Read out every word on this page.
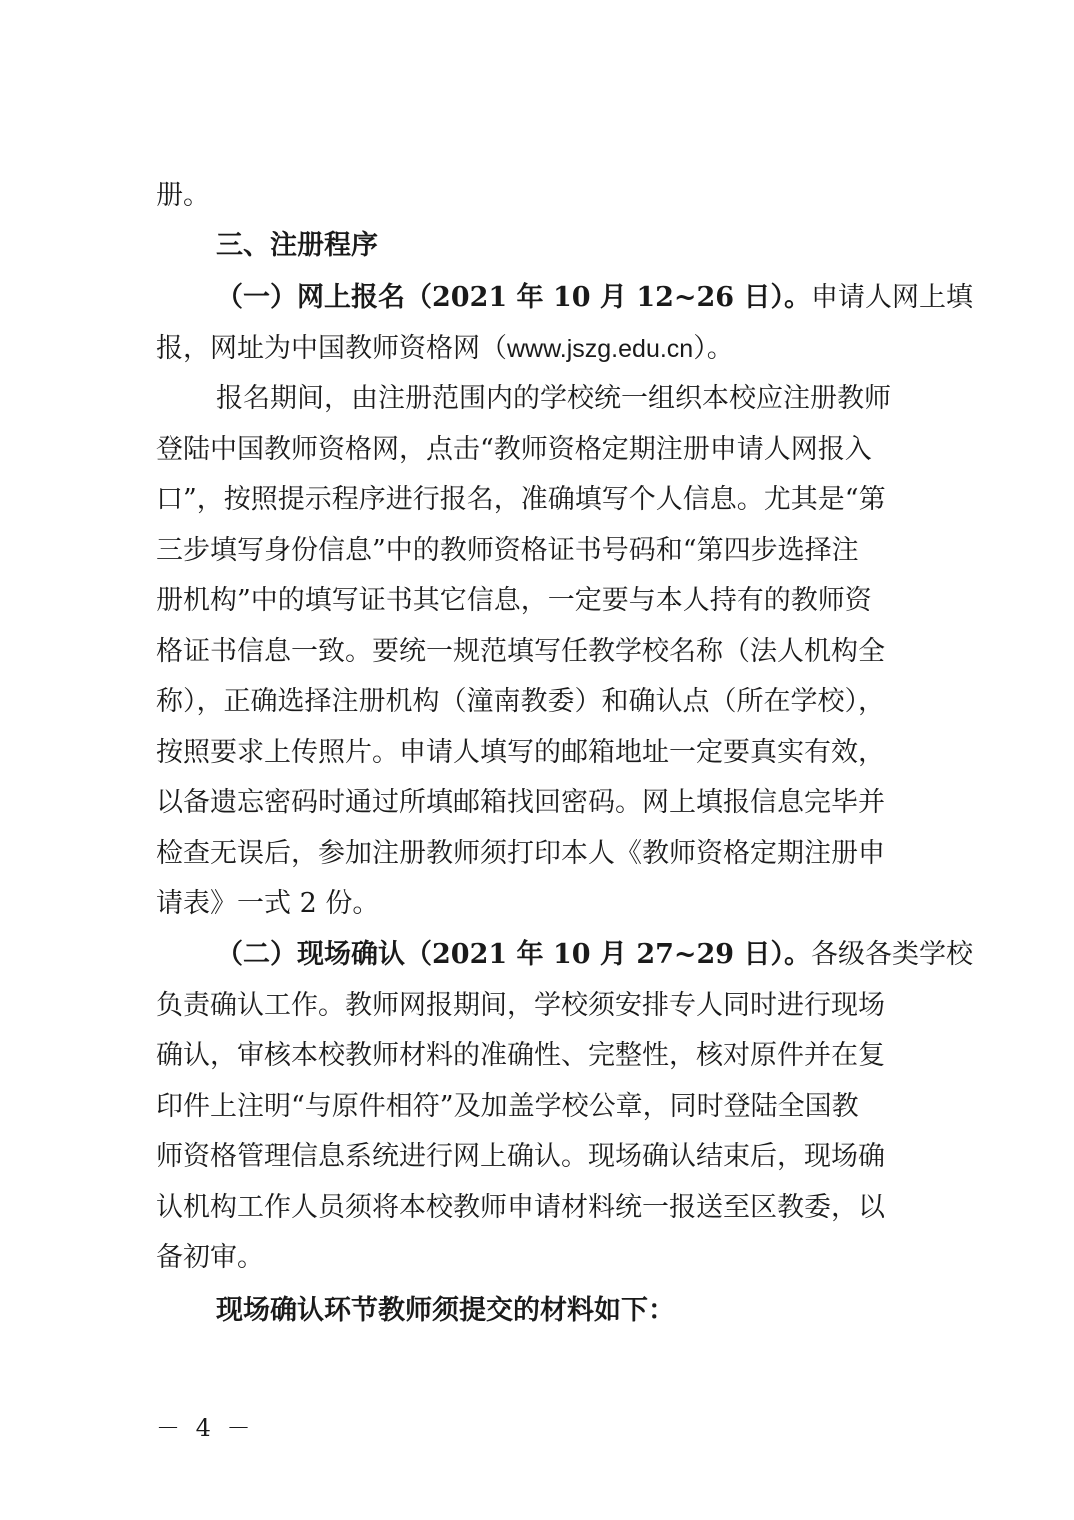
册。
三、注册程序
（一）网上报名（2021 年 10 月 12~26 日）。 申请人网上填
报，网址为中国教师资格网（www.jszg.edu.cn）。
报名期间，由注册范围内的学校统一组织本校应注册教师
登陆中国教师资格网，点击“教师资格定期注册申请人网报入
口”，按照提示程序进行报名，准确填写个人信息。尤其是“第
三步填写身份信息”中的教师资格证书号码和“第四步选择注
册机构”中的填写证书其它信息，一定要与本人持有的教师资
格证书信息一致。要统一规范填写任教学校名称（法人机构全
称），正确选择注册机构（潼南教委）和确认点（所在学校），
按照要求上传照片。申请人填写的邮箱地址一定要真实有效，
以备遗忘密码时通过所填邮箱找回密码。网上填报信息完毕并
检查无误后，参加注册教师须打印本人《教师资格定期注册申
请表》一式 2 份。
（二）现场确认（2021 年 10 月 27~29 日）。 各级各类学校
负责确认工作。教师网报期间，学校须安排专人同时进行现场
确认，审核本校教师材料的准确性、完整性，核对原件并在复
印件上注明“与原件相符”及加盖学校公章，同时登陆全国教
师资格管理信息系统进行网上确认。现场确认结束后，现场确
认机构工作人员须将本校教师申请材料统一报送至区教委，以
备初审。
现场确认环节教师须提交的材料如下：
－ 4 －
